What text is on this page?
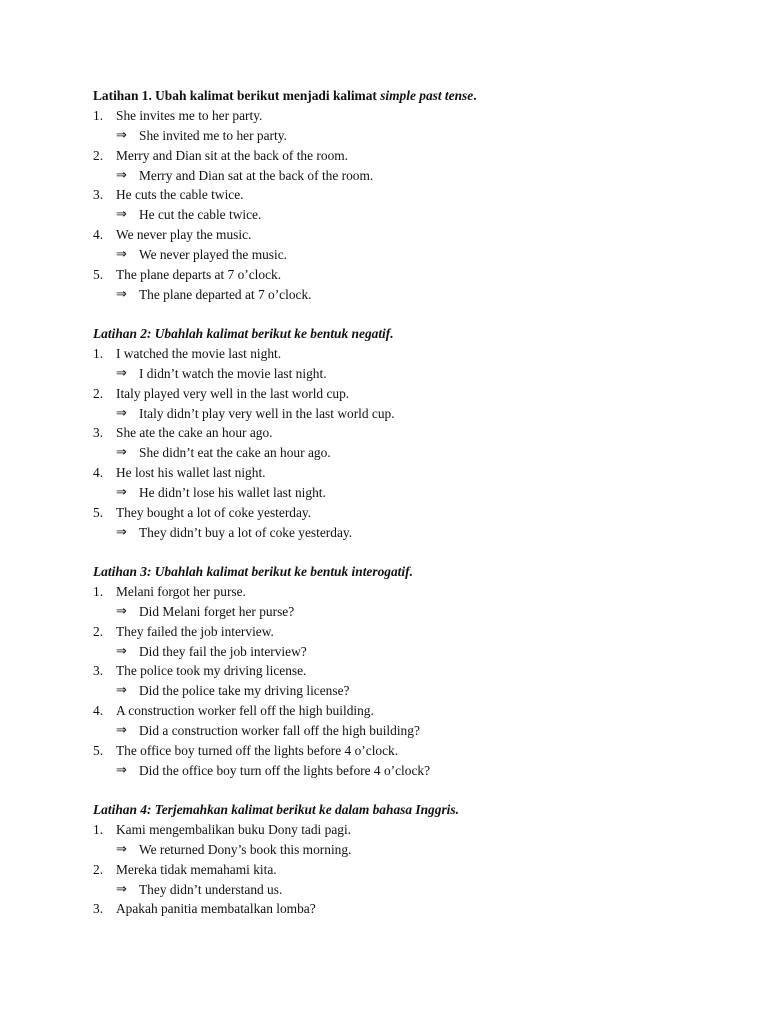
Latihan 1. Ubah kalimat berikut menjadi kalimat simple past tense.
1. She invites me to her party.
⇒ She invited me to her party.
2. Merry and Dian sit at the back of the room.
⇒ Merry and Dian sat at the back of the room.
3. He cuts the cable twice.
⇒ He cut the cable twice.
4. We never play the music.
⇒ We never played the music.
5. The plane departs at 7 o’clock.
⇒ The plane departed at 7 o’clock.
Latihan 2: Ubahlah kalimat berikut ke bentuk negatif.
1. I watched the movie last night.
⇒ I didn’t watch the movie last night.
2. Italy played very well in the last world cup.
⇒ Italy didn’t play very well in the last world cup.
3. She ate the cake an hour ago.
⇒ She didn’t eat the cake an hour ago.
4. He lost his wallet last night.
⇒ He didn’t lose his wallet last night.
5. They bought a lot of coke yesterday.
⇒ They didn’t buy a lot of coke yesterday.
Latihan 3: Ubahlah kalimat berikut ke bentuk interogatif.
1. Melani forgot her purse.
⇒ Did Melani forget her purse?
2. They failed the job interview.
⇒ Did they fail the job interview?
3. The police took my driving license.
⇒ Did the police take my driving license?
4. A construction worker fell off the high building.
⇒ Did a construction worker fall off the high building?
5. The office boy turned off the lights before 4 o’clock.
⇒ Did the office boy turn off the lights before 4 o’clock?
Latihan 4: Terjemahkan kalimat berikut ke dalam bahasa Inggris.
1. Kami mengembalikan buku Dony tadi pagi.
⇒ We returned Dony’s book this morning.
2. Mereka tidak memahami kita.
⇒ They didn’t understand us.
3. Apakah panitia membatalkan lomba?
